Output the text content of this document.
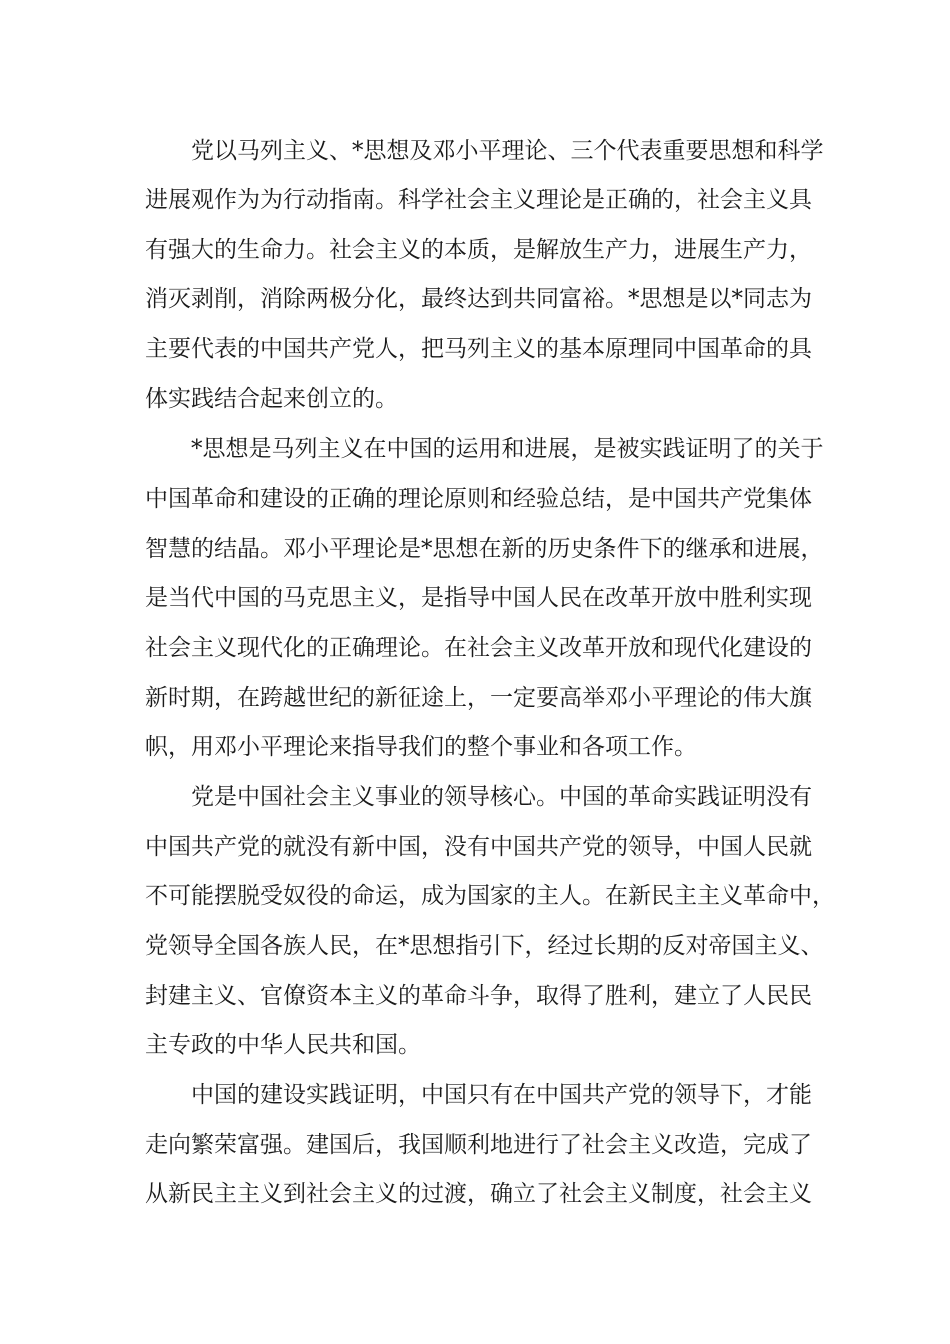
党以马列主义、*思想及邓小平理论、三个代表重要思想和科学

进展观作为为行动指南。科学社会主义理论是正确的，社会主义具

有强大的生命力。社会主义的本质，是解放生产力，进展生产力，

消灭剥削，消除两极分化，最终达到共同富裕。*思想是以*同志为

主要代表的中国共产党人，把马列主义的基本原理同中国革命的具

体实践结合起来创立的。

*思想是马列主义在中国的运用和进展，是被实践证明了的关于

中国革命和建设的正确的理论原则和经验总结，是中国共产党集体

智慧的结晶。邓小平理论是*思想在新的历史条件下的继承和进展，

是当代中国的马克思主义，是指导中国人民在改革开放中胜利实现

社会主义现代化的正确理论。在社会主义改革开放和现代化建设的

新时期，在跨越世纪的新征途上，一定要高举邓小平理论的伟大旗

帜，用邓小平理论来指导我们的整个事业和各项工作。

党是中国社会主义事业的领导核心。中国的革命实践证明没有

中国共产党的就没有新中国，没有中国共产党的领导，中国人民就

不可能摆脱受奴役的命运，成为国家的主人。在新民主主义革命中，

党领导全国各族人民，在*思想指引下，经过长期的反对帝国主义、

封建主义、官僚资本主义的革命斗争，取得了胜利，建立了人民民

主专政的中华人民共和国。

中国的建设实践证明，中国只有在中国共产党的领导下，才能

走向繁荣富强。建国后，我国顺利地进行了社会主义改造，完成了

从新民主主义到社会主义的过渡，确立了社会主义制度，社会主义
